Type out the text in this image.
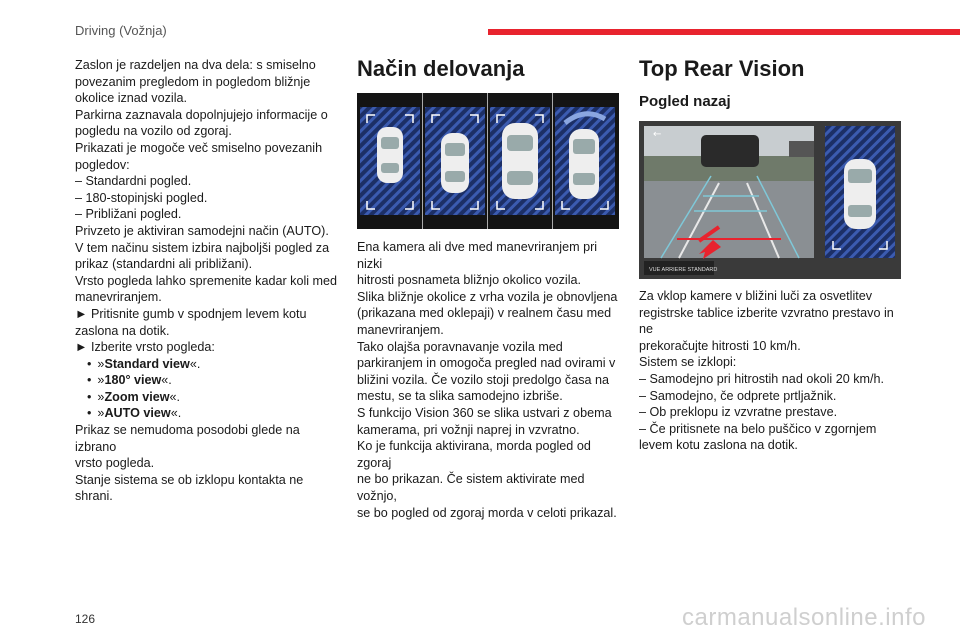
Driving (Vožnja)

Zaslon je razdeljen na dva dela: s smiselno

povezanim pregledom in pogledom bližnje

okolice iznad vozila.

Parkirna zaznavala dopolnjujejo informacije o

pogledu na vozilo od zgoraj.

Prikazati je mogoče več smiselno povezanih

pogledov:

– Standardni pogled.

– 180-stopinjski pogled.

– Približani pogled.

Privzeto je aktiviran samodejni način (AUTO).

V tem načinu sistem izbira najboljši pogled za

prikaz (standardni ali približani).

Vrsto pogleda lahko spremenite kadar koli med

manevriranjem.

► Pritisnite gumb v spodnjem levem kotu

zaslona na dotik.

► Izberite vrsto pogleda:

• »Standard view«.

• »180° view«.

• »Zoom view«.

• »AUTO view«.

Prikaz se nemudoma posodobi glede na izbrano

vrsto pogleda.

Stanje sistema se ob izklopu kontakta ne shrani.

Način delovanja

Ena kamera ali dve med manevriranjem pri nizki

hitrosti posnameta bližnjo okolico vozila.

Slika bližnje okolice z vrha vozila je obnovljena

(prikazana med oklepaji) v realnem času med

manevriranjem.

Tako olajša poravnavanje vozila med

parkiranjem in omogoča pregled nad ovirami v

bližini vozila. Če vozilo stoji predolgo časa na

mestu, se ta slika samodejno izbriše.

S funkcijo Vision 360 se slika ustvari z obema

kamerama, pri vožnji naprej in vzvratno.

Ko je funkcija aktivirana, morda pogled od zgoraj

ne bo prikazan. Če sistem aktivirate med vožnjo,

se bo pogled od zgoraj morda v celoti prikazal.

Top Rear Vision
Pogled nazaj
←
VUE ARRIERE STANDARD

Za vklop kamere v bližini luči za osvetlitev

registrske tablice izberite vzvratno prestavo in ne

prekoračujte hitrosti 10 km/h.

Sistem se izklopi:

– Samodejno pri hitrostih nad okoli 20 km/h.

– Samodejno, če odprete prtljažnik.

– Ob preklopu iz vzvratne prestave.

– Če pritisnete na belo puščico v zgornjem

levem kotu zaslona na dotik.

126	carmanualsonline.info
